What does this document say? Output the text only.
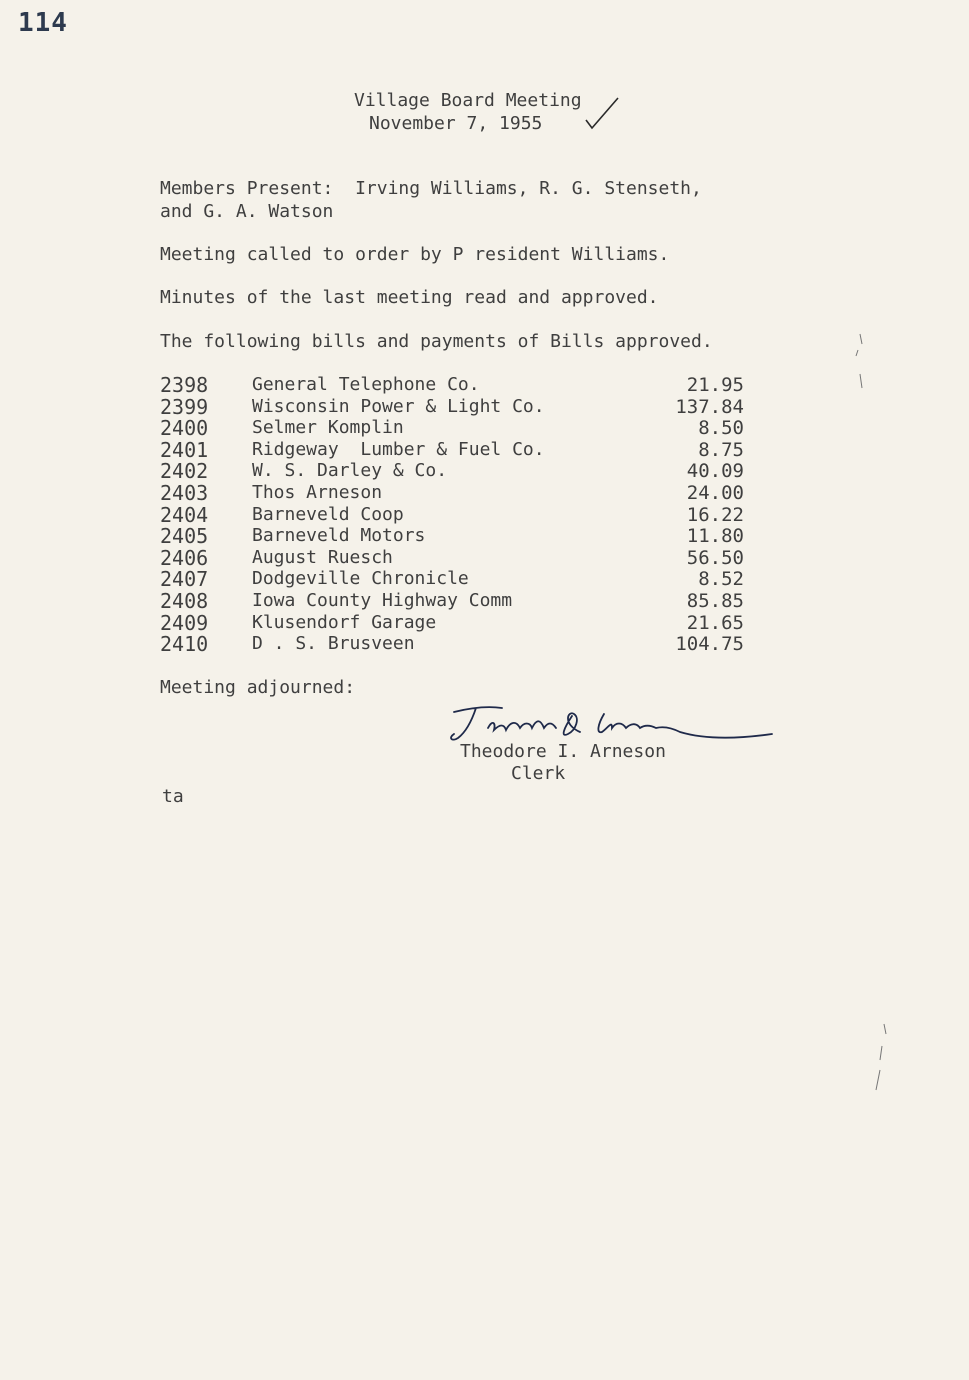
114
Village Board Meeting
November 7, 1955
Members Present:  Irving Williams, R. G. Stenseth,
and G. A. Watson
Meeting called to order by P resident Williams.
Minutes of the last meeting read and approved.
The following bills and payments of Bills approved.
2398 General Telephone Co.	21.95
2399 Wisconsin Power & Light Co.	137.84
2400 Selmer Komplin	8.50
2401 Ridgeway  Lumber & Fuel Co.	8.75
2402 W. S. Darley & Co.	40.09
2403 Thos Arneson	24.00
2404 Barneveld Coop	16.22
2405 Barneveld Motors	11.80
2406 August Ruesch	56.50
2407 Dodgeville Chronicle	8.52
2408 Iowa County Highway Comm	85.85
2409 Klusendorf Garage	21.65
2410 D . S. Brusveen	104.75
Meeting adjourned:
Theodore I. Arneson
Clerk
ta
